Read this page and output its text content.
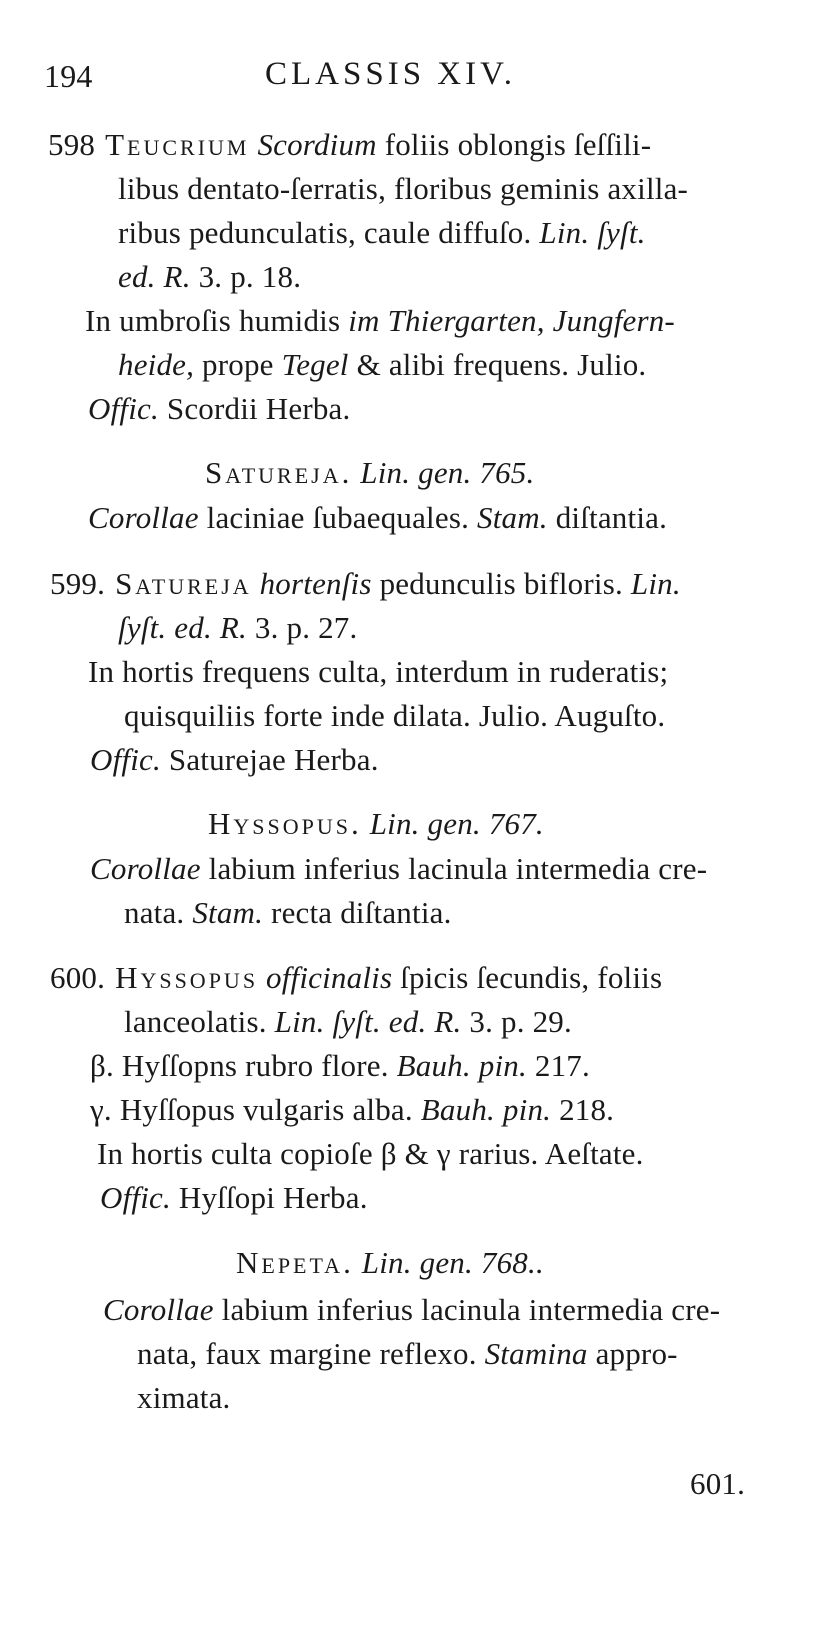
194	CLASSIS XIV.
598 Teucrium Scordium foliis oblongis ſeſſili-
libus dentato-ſerratis, floribus geminis axilla-
ribus pedunculatis, caule diffuſo. Lin. ſyſt.
ed. R. 3. p. 18.
In umbroſis humidis im Thiergarten, Jungfern-
heide, prope Tegel & alibi frequens. Julio.
Offic. Scordii Herba.
Satureja. Lin. gen. 765.
Corollae laciniae ſubaequales. Stam. diſtantia.
599. Satureja hortenſis pedunculis bifloris. Lin.
ſyſt. ed. R. 3. p. 27.
In hortis frequens culta, interdum in ruderatis;
quisquiliis forte inde dilata. Julio. Auguſto.
Offic. Saturejae Herba.
Hyssopus. Lin. gen. 767.
Corollae labium inferius lacinula intermedia cre-
nata. Stam. recta diſtantia.
600. Hyssopus officinalis ſpicis ſecundis, foliis
lanceolatis. Lin. ſyſt. ed. R. 3. p. 29.
β. Hyſſopns rubro flore. Bauh. pin. 217.
γ. Hyſſopus vulgaris alba. Bauh. pin. 218.
In hortis culta copioſe β & γ rarius. Aeſtate.
Offic. Hyſſopi Herba.
Nepeta. Lin. gen. 768..
Corollae labium inferius lacinula intermedia cre-
nata, faux margine reflexo. Stamina appro-
ximata.
601.
